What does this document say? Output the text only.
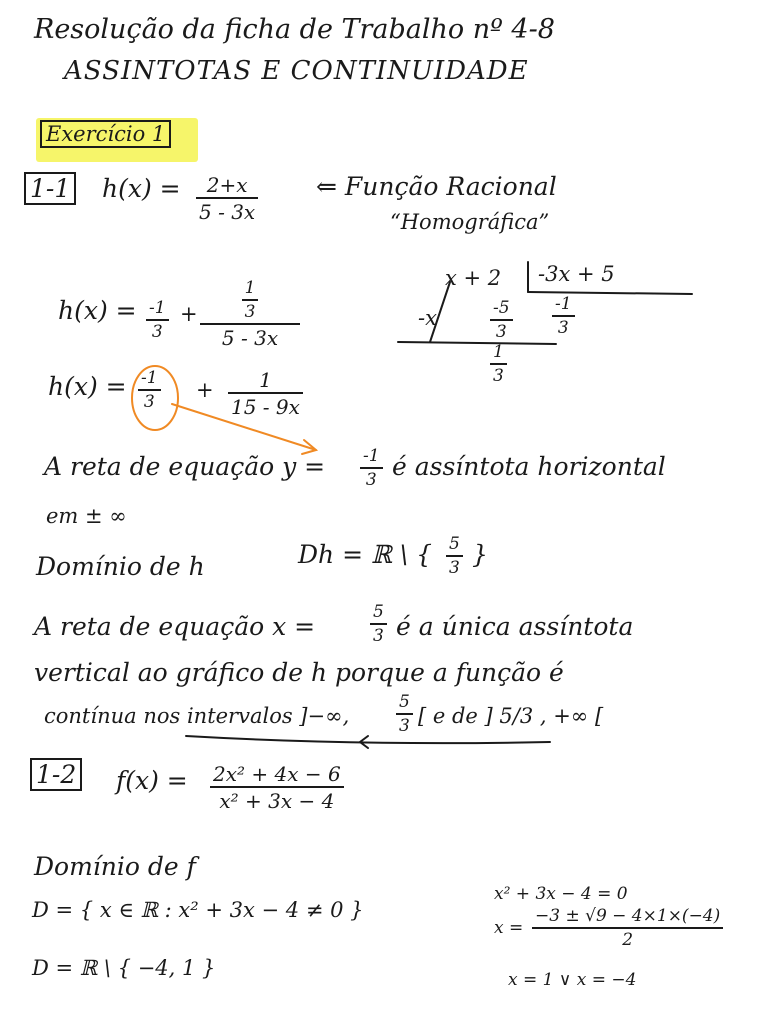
Resolução da ficha de Trabalho nº 4-8
ASSINTOTAS E CONTINUIDADE
Exercício 1
1-1 h(x) = 2+x
5 - 3x
⇐ Função Racional
“Homográfica”
x + 2 -3x + 5
-x	-5
3
-1
3
1
3
h(x) = -1
3
+	$\frac{1}{3}$
5 - 3x
h(x) = -1
3 + 1
15 - 9x
A reta de equação y = -1
3 é assíntota horizontal
em ± ∞
Domínio de h	Dh = ℝ \ { 5
3 }
A reta de equação x =	5
3 é a única assíntota
vertical ao gráfico de h porque a função é
contínua nos intervalos ]−∞,
5
3 [ e de ] 5/3 , +∞ [
1-2 f(x) = 2x² + 4x − 6
x² + 3x − 4
Domínio de f
D = { x ∈ ℝ : x² + 3x − 4 ≠ 0 }
D = ℝ \ { −4, 1 }
x² + 3x − 4 = 0
x =
−3 ± √9 − 4×1×(−4)
2
x = 1 ∨ x = −4
